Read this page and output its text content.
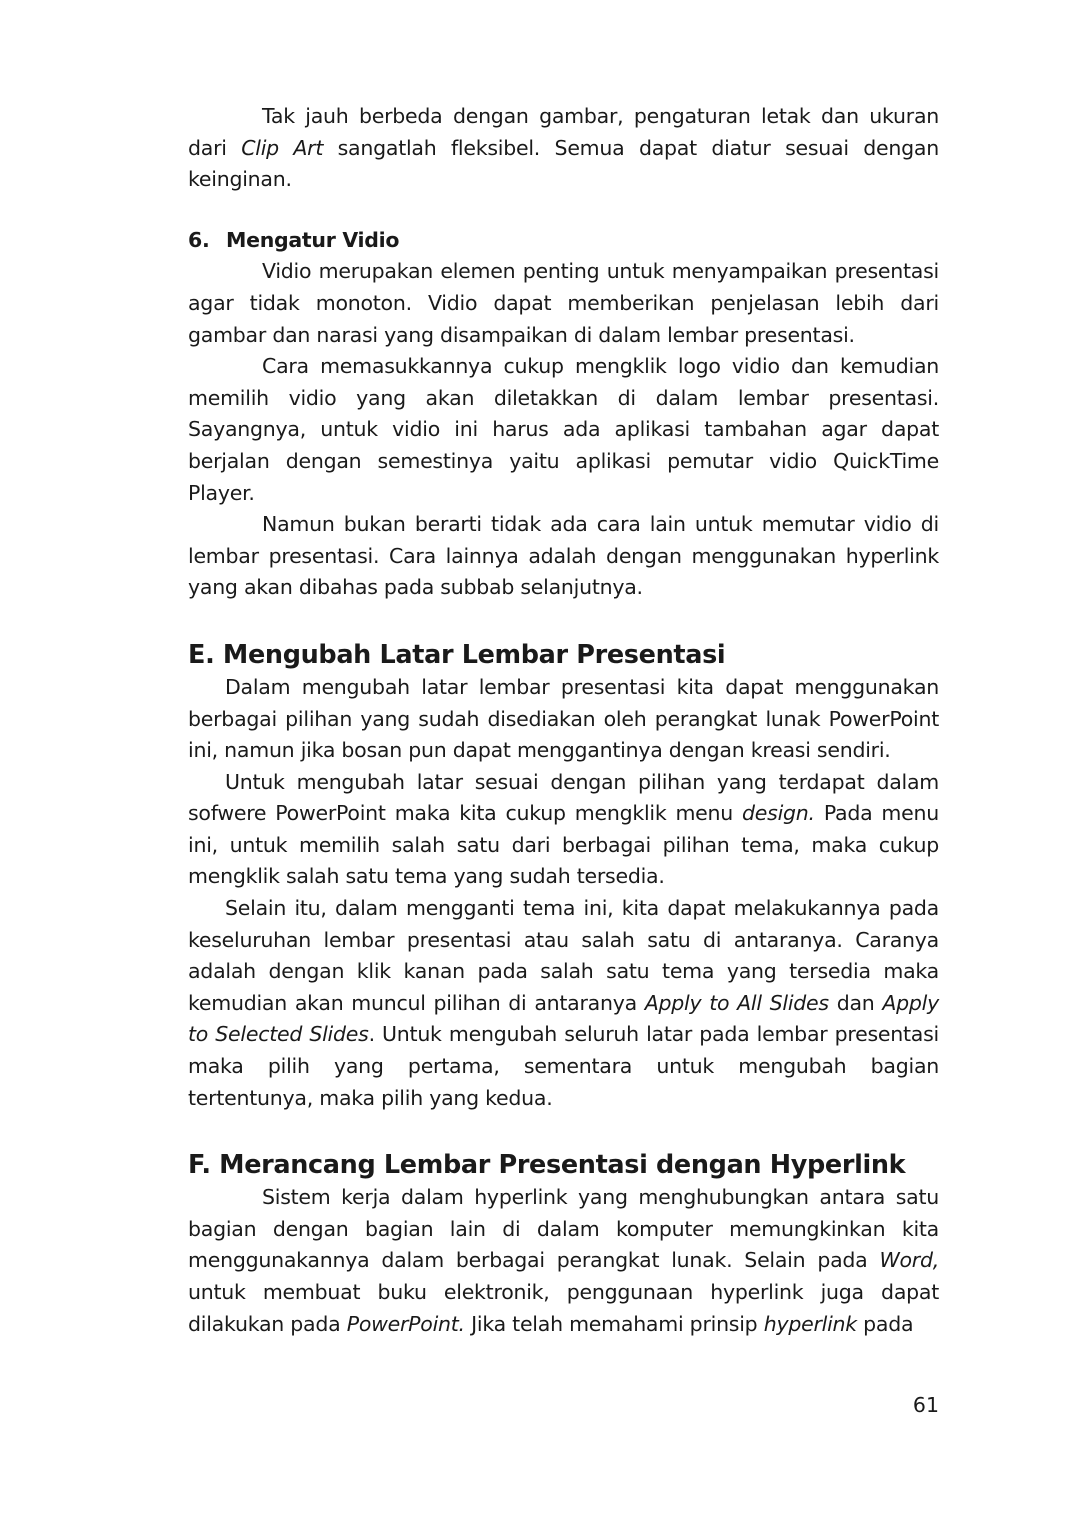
Tak jauh berbeda dengan gambar, pengaturan letak dan ukuran dari Clip Art sangatlah fleksibel. Semua dapat diatur sesuai dengan keinginan.

6. Mengatur Vidio

Vidio merupakan elemen penting untuk menyampaikan presentasi agar tidak monoton. Vidio dapat memberikan penjelasan lebih dari gambar dan narasi yang disampaikan di dalam lembar presentasi.

Cara memasukkannya cukup mengklik logo vidio dan kemudian memilih vidio yang akan diletakkan di dalam lembar presentasi. Sayangnya, untuk vidio ini harus ada aplikasi tambahan agar dapat berjalan dengan semestinya yaitu aplikasi pemutar vidio QuickTime Player.

Namun bukan berarti tidak ada cara lain untuk memutar vidio di lembar presentasi. Cara lainnya adalah dengan menggunakan hyperlink yang akan dibahas pada subbab selanjutnya.

E. Mengubah Latar Lembar Presentasi

Dalam mengubah latar lembar presentasi kita dapat menggunakan berbagai pilihan yang sudah disediakan oleh perangkat lunak PowerPoint ini, namun jika bosan pun dapat menggantinya dengan kreasi sendiri.

Untuk mengubah latar sesuai dengan pilihan yang terdapat dalam sofwere PowerPoint maka kita cukup mengklik menu design. Pada menu ini, untuk memilih salah satu dari berbagai pilihan tema, maka cukup mengklik salah satu tema yang sudah tersedia.

Selain itu, dalam mengganti tema ini, kita dapat melakukannya pada keseluruhan lembar presentasi atau salah satu di antaranya. Caranya adalah dengan klik kanan pada salah satu tema yang tersedia maka kemudian akan muncul pilihan di antaranya Apply to All Slides dan Apply to Selected Slides. Untuk mengubah seluruh latar pada lembar presentasi maka pilih yang pertama, sementara untuk mengubah bagian tertentunya, maka pilih yang kedua.

F. Merancang Lembar Presentasi dengan Hyperlink

Sistem kerja dalam hyperlink yang menghubungkan antara satu bagian dengan bagian lain di dalam komputer memungkinkan kita menggunakannya dalam berbagai perangkat lunak. Selain pada Word, untuk membuat buku elektronik, penggunaan hyperlink juga dapat dilakukan pada PowerPoint. Jika telah memahami prinsip hyperlink pada

61
